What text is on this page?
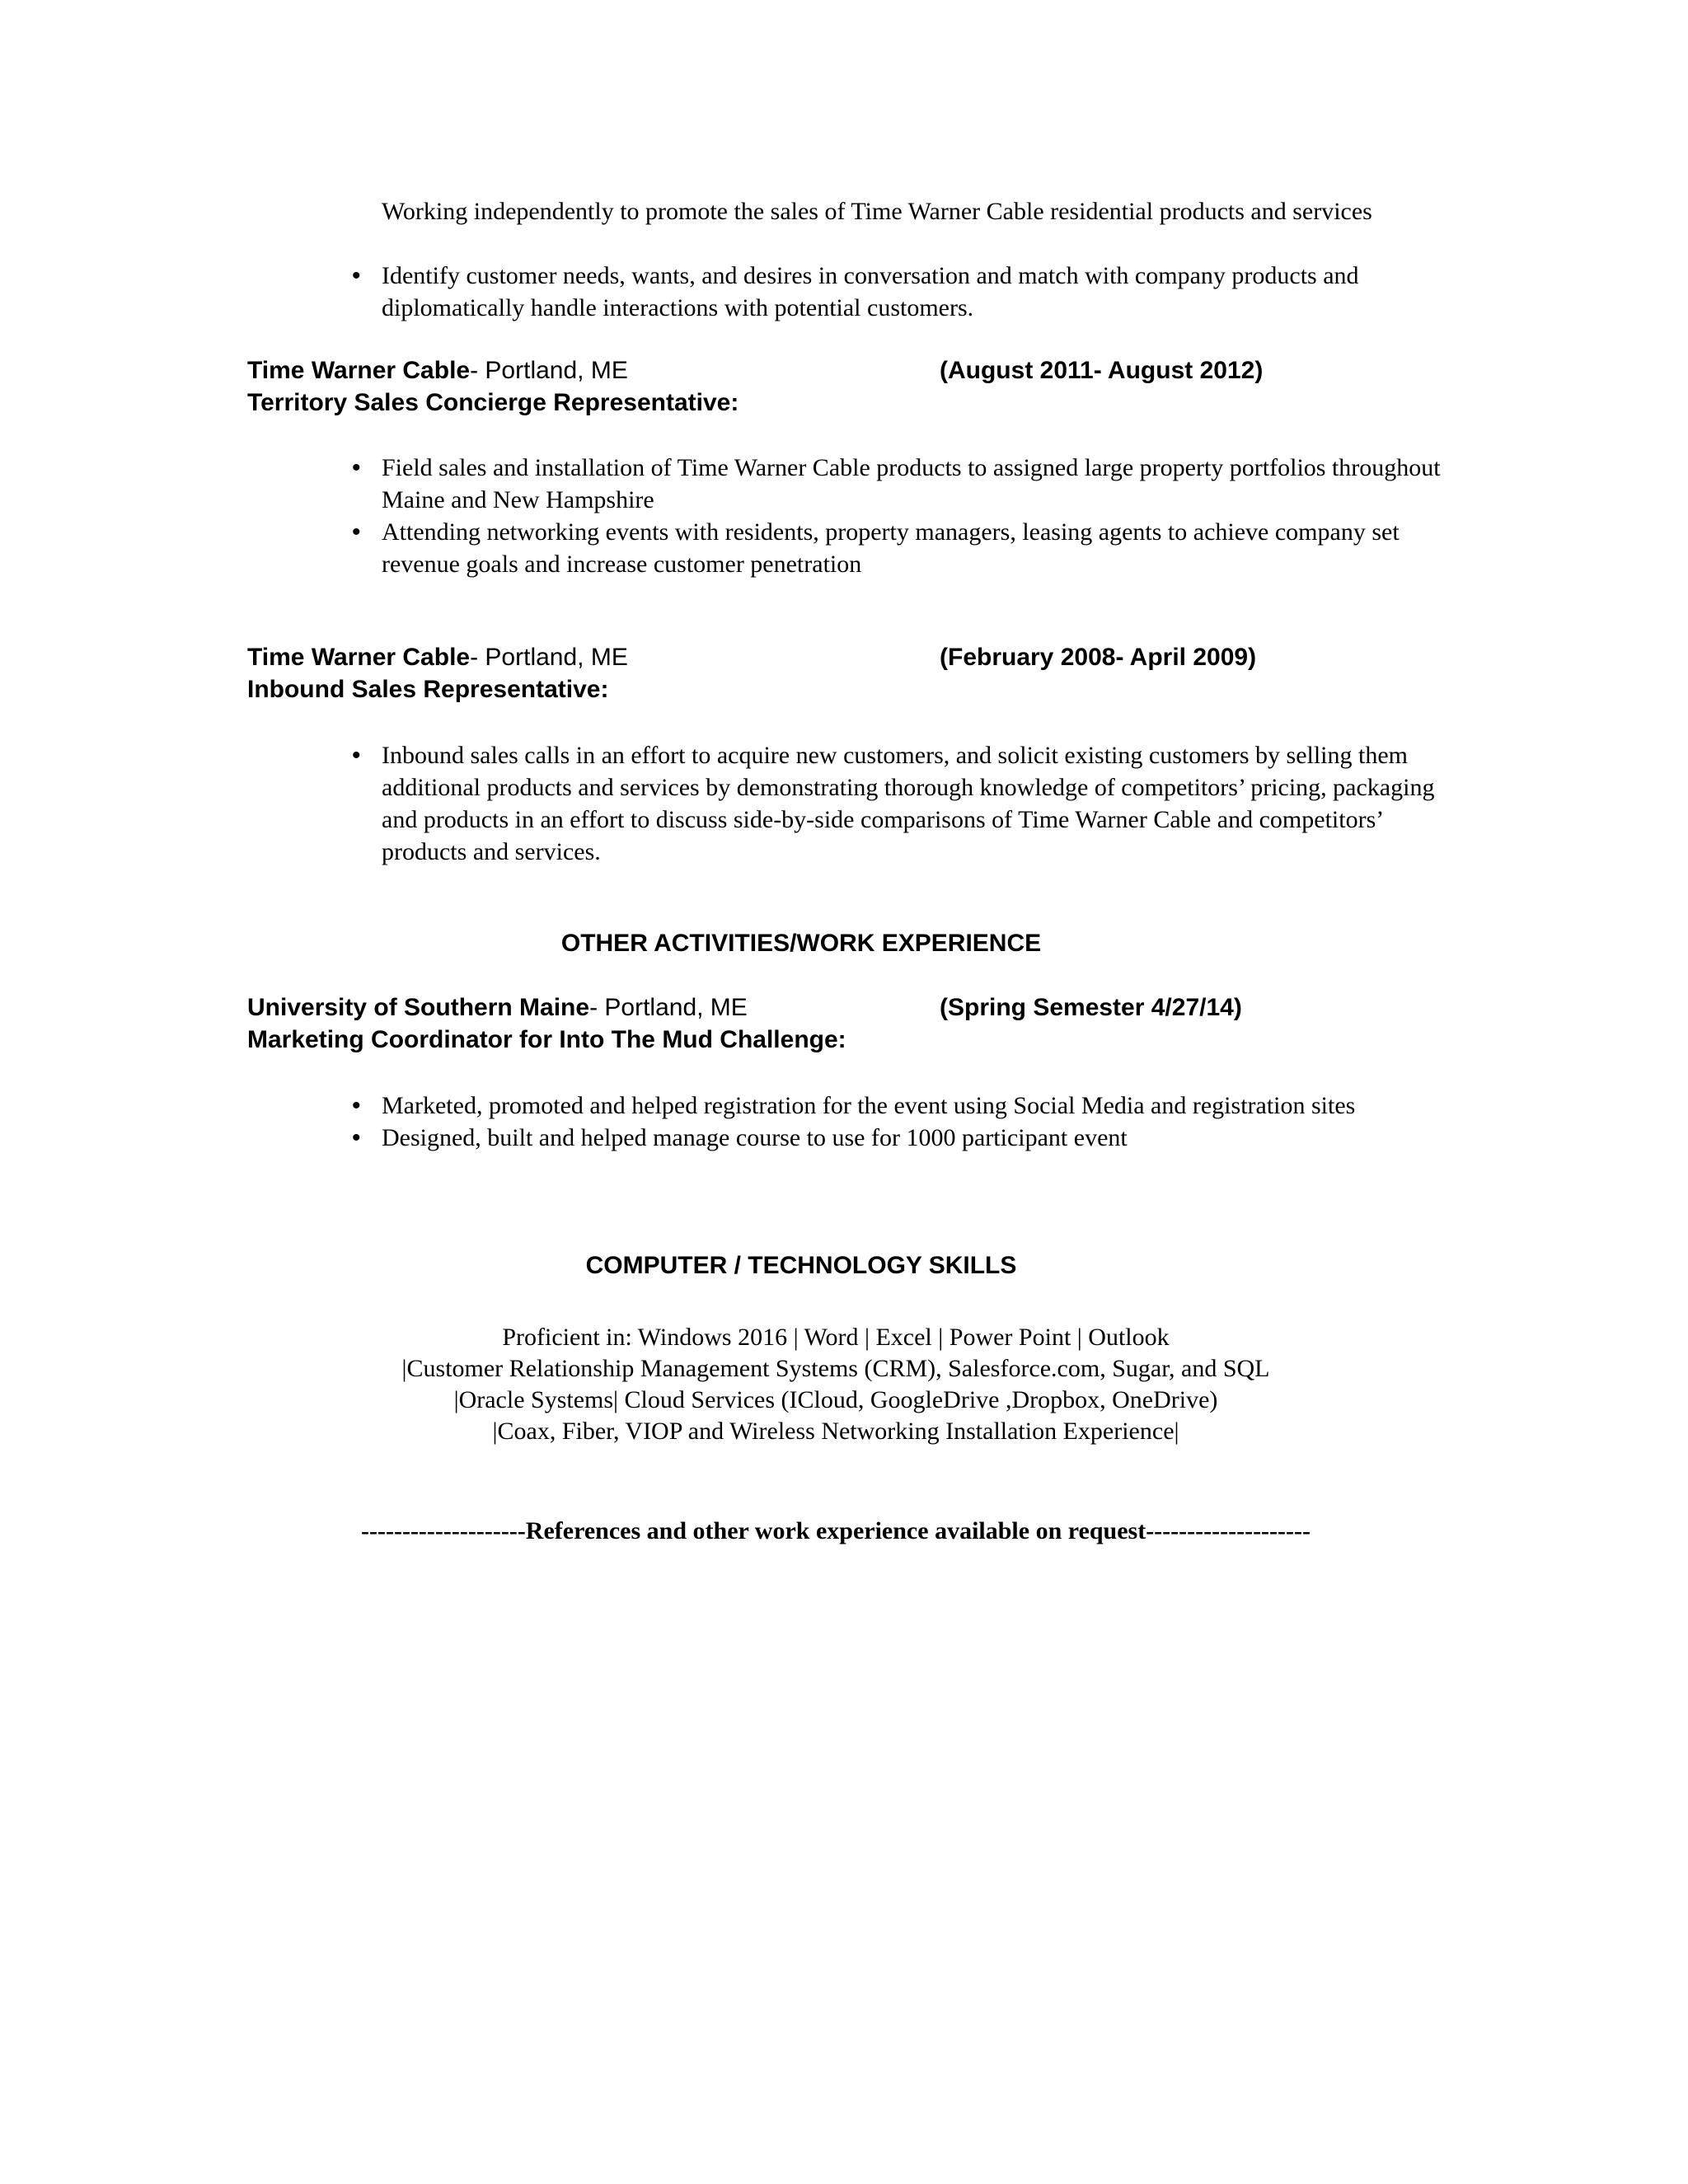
Working independently to promote the sales of Time Warner Cable residential products and services
• Identify customer needs, wants, and desires in conversation and match with company products and diplomatically handle interactions with potential customers.
Time Warner Cable- Portland, ME	(August 2011- August 2012)
Territory Sales Concierge Representative:
• Field sales and installation of Time Warner Cable products to assigned large property portfolios throughout Maine and New Hampshire
• Attending networking events with residents, property managers, leasing agents to achieve company set revenue goals and increase customer penetration
Time Warner Cable- Portland, ME	(February 2008- April 2009)
Inbound Sales Representative:
• Inbound sales calls in an effort to acquire new customers, and solicit existing customers by selling them additional products and services by demonstrating thorough knowledge of competitors’ pricing, packaging and products in an effort to discuss side-by-side comparisons of Time Warner Cable and competitors’ products and services.
OTHER ACTIVITIES/WORK EXPERIENCE
University of Southern Maine- Portland, ME	(Spring Semester 4/27/14)
Marketing Coordinator for Into The Mud Challenge:
• Marketed, promoted and helped registration for the event using Social Media and registration sites
• Designed, built and helped manage course to use for 1000 participant event
COMPUTER / TECHNOLOGY SKILLS
Proficient in: Windows 2016 | Word | Excel | Power Point | Outlook
|Customer Relationship Management Systems (CRM), Salesforce.com, Sugar, and SQL
|Oracle Systems| Cloud Services (ICloud, GoogleDrive ,Dropbox, OneDrive)
|Coax, Fiber, VIOP and Wireless Networking Installation Experience|
--------------------References and other work experience available on request--------------------
